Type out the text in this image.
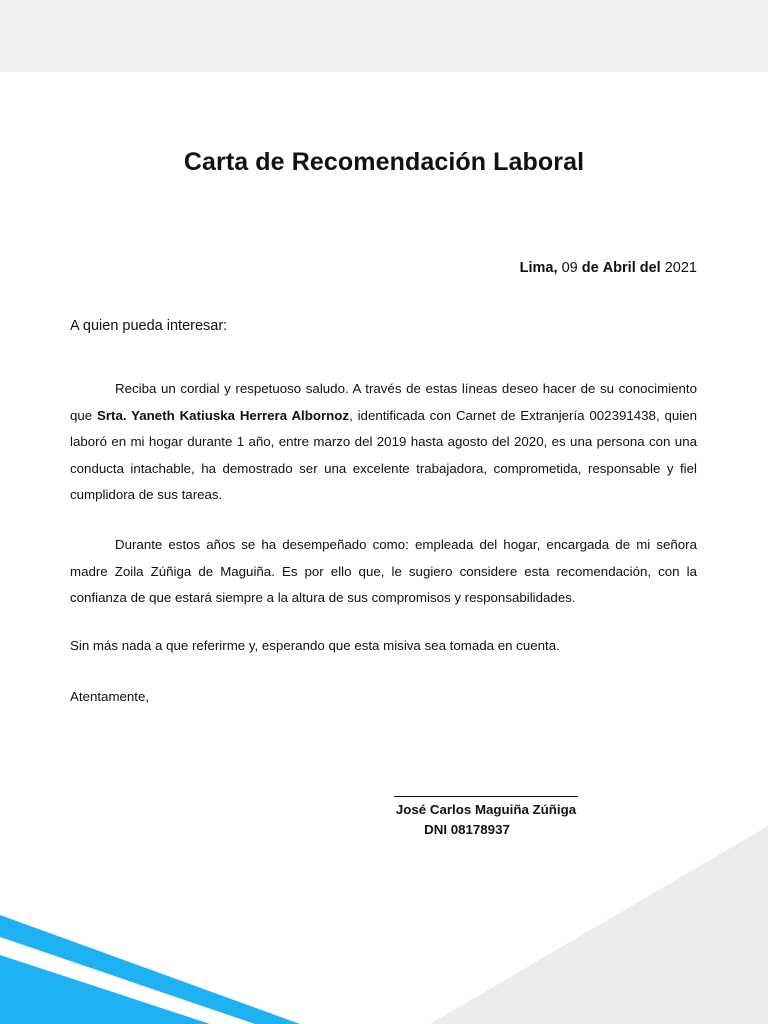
Carta de Recomendación Laboral
Lima, 09 de Abril del 2021
A quien pueda interesar:

Reciba un cordial y respetuoso saludo. A través de estas líneas deseo hacer de su conocimiento que Srta. Yaneth Katiuska Herrera Albornoz, identificada con Carnet de Extranjería 002391438, quien laboró en mi hogar durante 1 año, entre marzo del 2019 hasta agosto del 2020, es una persona con una conducta intachable, ha demostrado ser una excelente trabajadora, comprometida, responsable y fiel cumplidora de sus tareas.

Durante estos años se ha desempeñado como: empleada del hogar, encargada de mi señora madre Zoila Zúñiga de Maguiña. Es por ello que, le sugiero considere esta recomendación, con la confianza de que estará siempre a la altura de sus compromisos y responsabilidades.

Sin más nada a que referirme y, esperando que esta misiva sea tomada en cuenta.

Atentamente,

José Carlos Maguiña Zúñiga
DNI 08178937
